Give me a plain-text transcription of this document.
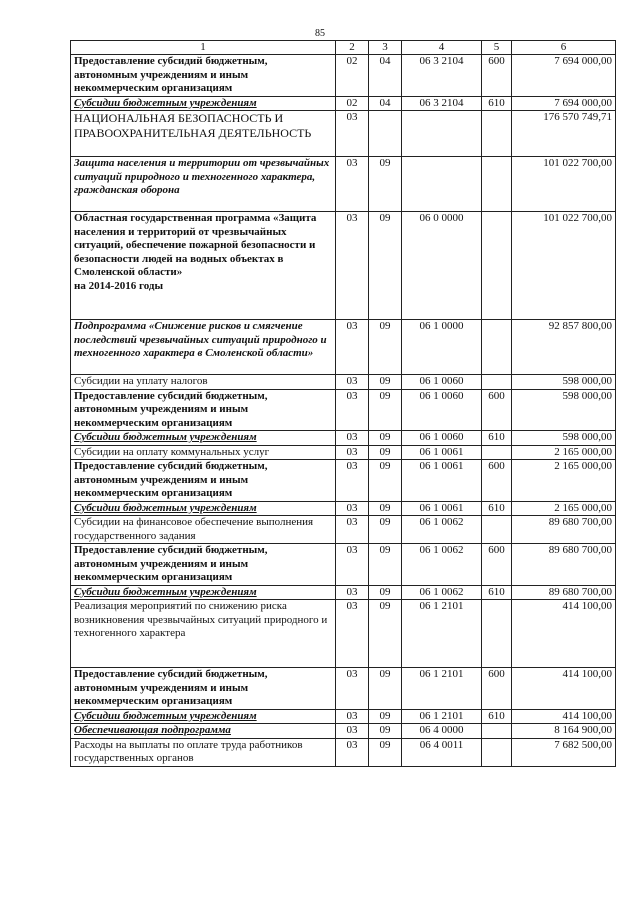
85
1	2	3	4	5	6
Предоставление субсидий бюджетным, автономным учреждениям и иным некоммерческим организациям	02	04	06 3 2104	600	7 694 000,00
Субсидии бюджетным учреждениям	02	04	06 3 2104	610	7 694 000,00
НАЦИОНАЛЬНАЯ БЕЗОПАСНОСТЬ И ПРАВООХРАНИТЕЛЬНАЯ ДЕЯТЕЛЬНОСТЬ	03				176 570 749,71
Защита населения и территории от чрезвычайных ситуаций природного и техногенного характера, гражданская оборона	03	09			101 022 700,00
Областная государственная программа «Защита населения и территорий от чрезвычайных ситуаций, обеспечение пожарной безопасности и безопасности людей на водных объектах в Смоленской области»
на 2014-2016 годы	03	09	06 0 0000		101 022 700,00
Подпрограмма «Снижение рисков и смягчение последствий чрезвычайных ситуаций природного и техногенного характера в Смоленской области»	03	09	06 1 0000		92 857 800,00
Субсидии на уплату налогов	03	09	06 1 0060		598 000,00
Предоставление субсидий бюджетным, автономным учреждениям и иным некоммерческим организациям	03	09	06 1 0060	600	598 000,00
Субсидии бюджетным учреждениям	03	09	06 1 0060	610	598 000,00
Субсидии на оплату коммунальных услуг	03	09	06 1 0061		2 165 000,00
Предоставление субсидий бюджетным, автономным учреждениям и иным некоммерческим организациям	03	09	06 1 0061	600	2 165 000,00
Субсидии бюджетным учреждениям	03	09	06 1 0061	610	2 165 000,00
Субсидии на финансовое обеспечение выполнения государственного задания	03	09	06 1 0062		89 680 700,00
Предоставление субсидий бюджетным, автономным учреждениям и иным некоммерческим организациям	03	09	06 1 0062	600	89 680 700,00
Субсидии бюджетным учреждениям	03	09	06 1 0062	610	89 680 700,00
Реализация мероприятий по снижению риска возникновения чрезвычайных ситуаций природного и техногенного характера	03	09	06 1 2101		414 100,00
Предоставление субсидий бюджетным, автономным учреждениям и иным некоммерческим организациям	03	09	06 1 2101	600	414 100,00
Субсидии бюджетным учреждениям	03	09	06 1 2101	610	414 100,00
Обеспечивающая подпрограмма	03	09	06 4 0000		8 164 900,00
Расходы на выплаты по оплате труда работников государственных органов	03	09	06 4 0011		7 682 500,00
